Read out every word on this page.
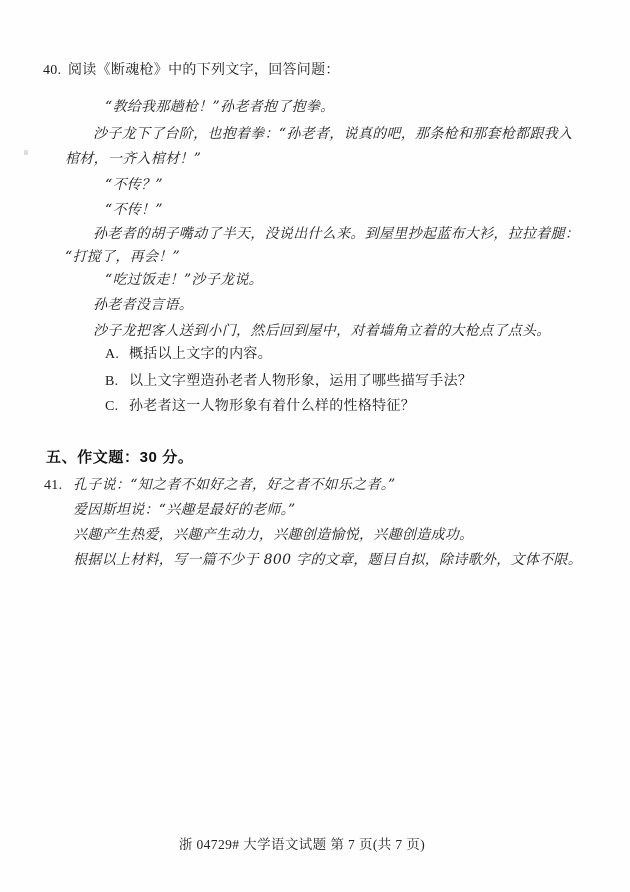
40. 阅读《断魂枪》中的下列文字，回答问题：
“教给我那趟枪！”孙老者抱了抱拳。
沙子龙下了台阶，也抱着拳：“孙老者，说真的吧，那条枪和那套枪都跟我入
棺材，一齐入棺材！”
“不传？”
“不传！”
孙老者的胡子嘴动了半天，没说出什么来。到屋里抄起蓝布大衫，拉拉着腿：
“打搅了，再会！”
“吃过饭走！”沙子龙说。
孙老者没言语。
沙子龙把客人送到小门，然后回到屋中，对着墙角立着的大枪点了点头。
A. 概括以上文字的内容。
B. 以上文字塑造孙老者人物形象，运用了哪些描写手法？
C. 孙老者这一人物形象有着什么样的性格特征？
五、作文题：30 分。
41. 孔子说：“知之者不如好之者，好之者不如乐之者。”
爱因斯坦说：“兴趣是最好的老师。”
兴趣产生热爱，兴趣产生动力，兴趣创造愉悦，兴趣创造成功。
根据以上材料，写一篇不少于 800 字的文章，题目自拟，除诗歌外，文体不限。
浙 04729# 大学语文试题 第 7 页(共 7 页)
